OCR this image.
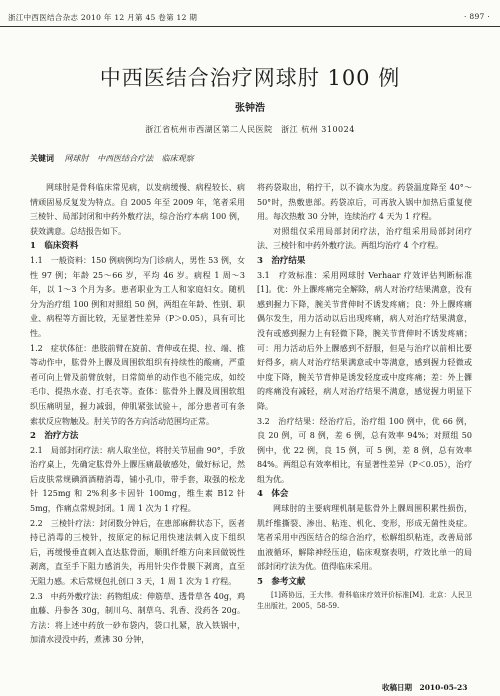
浙江中西医结合杂志 2010 年 12 月第 45 卷第 12 期	· 897 ·
中西医结合治疗网球肘 100 例
张钟浩
浙江省杭州市西湖区第二人民医院　浙江 杭州 310024
关键词 网球肘 中西医结合疗法 临床观察

网球肘是骨科临床常见病，以发病缓慢、病程较长、病情顽固易反复发为特点。自 2005 年至 2009 年，笔者采用三棱针、局部封闭和中药外敷疗法，综合治疗本病 100 例，获效满意。总结报告如下。

1　临床资料

1.1　一般资料：150 例病例均为门诊病人，男性 53 例，女性 97 例；年龄 25～66 岁，平均 46 岁。病程 1 周～3 年，以 1～3 个月为多。患者职业为工人和家庭妇女。随机分为治疗组 100 例和对照组 50 例，两组在年龄、性别、职业、病程等方面比较，无显著性差异（P＞0.05），具有可比性。

1.2　症状体征：患肢前臂在旋前、背伸或在提、拉、端、推等动作中，肱骨外上髁及周围软组织有持续性的酸痛，严重者可向上臂及前臂放射，日常简单的动作也不能完成，如绞毛巾、提热水壶、打毛衣等。查体：肱骨外上髁及周围软组织压痛明显，握力减弱，伸肌紧张试验＋，部分患者可有条索状反应物触及。肘关节的各方向活动范围均正常。

2　治疗方法

2.1　局部封闭疗法：病人取坐位，将肘关节屈曲 90°，手放治疗桌上，先确定肱骨外上髁压痛最敏感处，做好标记，然后皮肤常规碘酒酒精消毒，铺小孔巾，带手套，取强的松龙针 125mg 和 2%利多卡因针 100mg，维生素 B12 针 5mg，作痛点常规封闭。1 周 1 次为 1 疗程。

2.2　三棱针疗法：封闭数分钟后，在患部麻醉状态下，医者持已消毒的三棱针，按原定的标记用快速法刺入皮下组织后，再缓慢垂直刺入直达肱骨面，顺肌纤维方向来回做锐性剥离，直至手下阻力感消失，再用针尖作骨膜下剥离，直至无阻力感。术后常规包扎创口 3 天，1 周 1 次为 1 疗程。

2.3　中药外敷疗法：药物组成：伸筋草、透骨草各 40g，鸡血藤、丹参各 30g，制川乌、制草乌、乳香、没药各 20g。方法：将上述中药放一砂布袋内，袋口扎紧，放入铁锅中，加清水浸没中药，煮沸 30 分钟，

将药袋取出，稍拧干，以不滴水为度。药袋温度降至 40°～50°时，热敷患部。药袋凉后，可再放入锅中加热后重复使用。每次热敷 30 分钟，连续治疗 4 天为 1 疗程。

对照组仅采用局部封闭疗法，治疗组采用局部封闭疗法、三棱针和中药外敷疗法。两组均治疗 4 个疗程。

3　治疗结果

3.1　疗效标准：采用网球肘 Verhaar 疗效评估判断标准[1]。优：外上髁疼痛完全解除，病人对治疗结果满意，没有感到握力下降，腕关节背伸时不诱发疼痛；良：外上髁疼痛偶尔发生，用力活动以后出现疼痛，病人对治疗结果满意，没有或感到握力上有轻微下降，腕关节背伸时不诱发疼痛；可：用力活动后外上髁感到不舒服，但是与治疗以前相比要好得多，病人对治疗结果满意或中等满意，感到握力轻微或中度下降，腕关节背伸是诱发轻度或中度疼痛；差：外上髁的疼痛没有减轻，病人对治疗结果不满意，感觉握力明显下降。

3.2　治疗结果：经治疗后，治疗组 100 例中，优 66 例，良 20 例，可 8 例，差 6 例，总有效率 94%；对照组 50 例中，优 22 例，良 15 例，可 5 例，差 8 例，总有效率 84%。两组总有效率相比，有显著性差异（P＜0.05），治疗组为优。

4　体会

网球肘的主要病理机制是肱骨外上髁周围积累性损伤，肌纤维撕裂、渗出、粘连、机化、变形，形成无菌性炎症。笔者采用中西医结合的综合治疗，松解组织粘连，改善局部血液循环，解除神经压迫，临床观察表明，疗效比单一的局部封闭疗法为优。值得临床采用。

5　参考文献

[1]蒋协远，王大伟．骨科临床疗效评价标准[M]．北京：人民卫生出版社，2005，58-59.

收稿日期　2010-05-23
